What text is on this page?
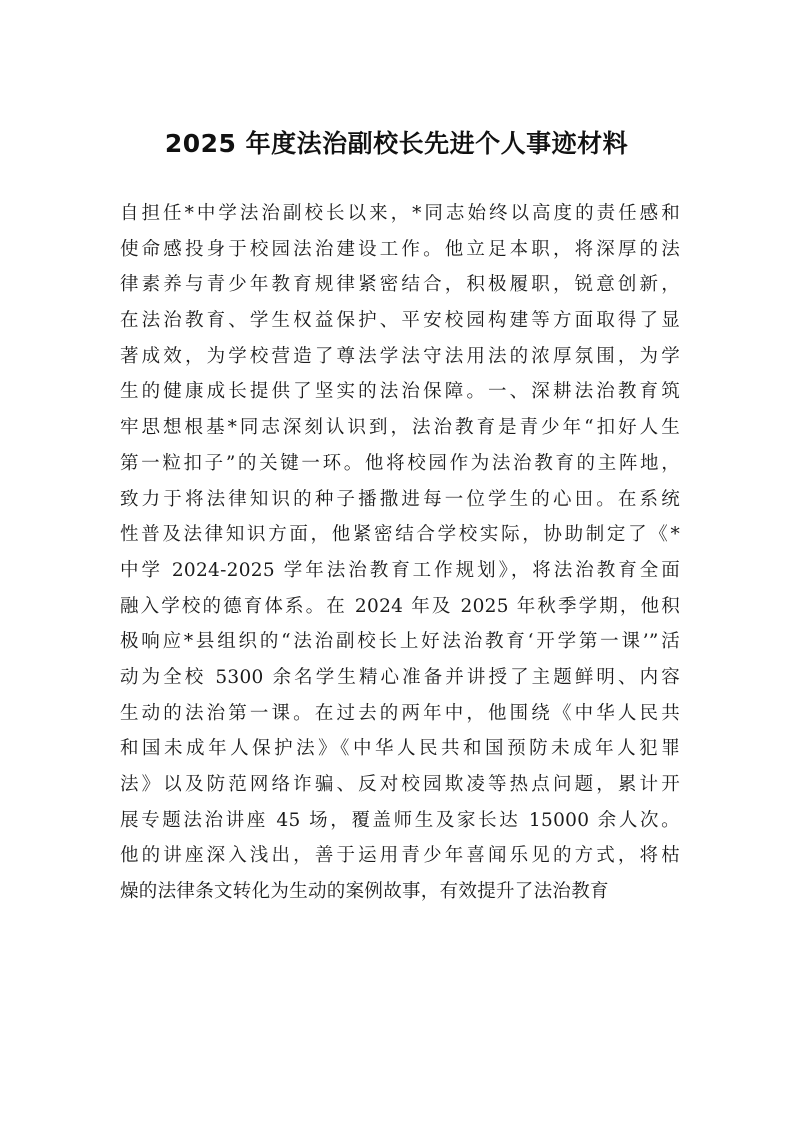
2025 年度法治副校长先进个人事迹材料
自担任*中学法治副校长以来，*同志始终以高度的责任感和
使命感投身于校园法治建设工作。他立足本职，将深厚的法
律素养与青少年教育规律紧密结合，积极履职，锐意创新，
在法治教育、学生权益保护、平安校园构建等方面取得了显
著成效，为学校营造了尊法学法守法用法的浓厚氛围，为学
生的健康成长提供了坚实的法治保障。一、深耕法治教育筑
牢思想根基*同志深刻认识到，法治教育是青少年“扣好人生
第一粒扣子”的关键一环。他将校园作为法治教育的主阵地，
致力于将法律知识的种子播撒进每一位学生的心田。在系统
性普及法律知识方面，他紧密结合学校实际，协助制定了《*
中学 2024-2025 学年法治教育工作规划》，将法治教育全面
融入学校的德育体系。在 2024 年及 2025 年秋季学期，他积
极响应*县组织的“法治副校长上好法治教育‘开学第一课’”活
动为全校 5300 余名学生精心准备并讲授了主题鲜明、内容
生动的法治第一课。在过去的两年中，他围绕《中华人民共
和国未成年人保护法》《中华人民共和国预防未成年人犯罪
法》以及防范网络诈骗、反对校园欺凌等热点问题，累计开
展专题法治讲座 45 场，覆盖师生及家长达 15000 余人次。
他的讲座深入浅出，善于运用青少年喜闻乐见的方式，将枯
燥的法律条文转化为生动的案例故事，有效提升了法治教育
